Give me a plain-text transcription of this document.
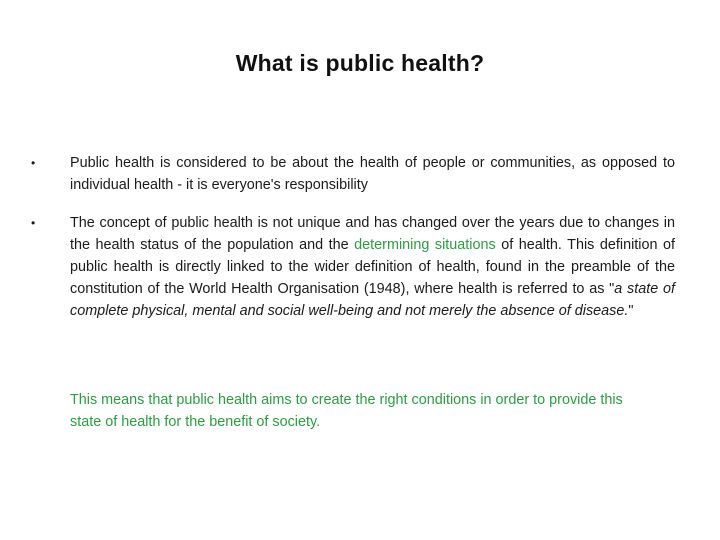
What is public health?
• Public health is considered to be about the health of people or communities, as opposed to individual health - it is everyone's responsibility
• The concept of public health is not unique and has changed over the years due to changes in the health status of the population and the determining situations of health. This definition of public health is directly linked to the wider definition of health, found in the preamble of the constitution of the World Health Organisation (1948), where health is referred to as "a state of complete physical, mental and social well-being and not merely the absence of disease."
This means that public health aims to create the right conditions in order to provide this state of health for the benefit of society.
